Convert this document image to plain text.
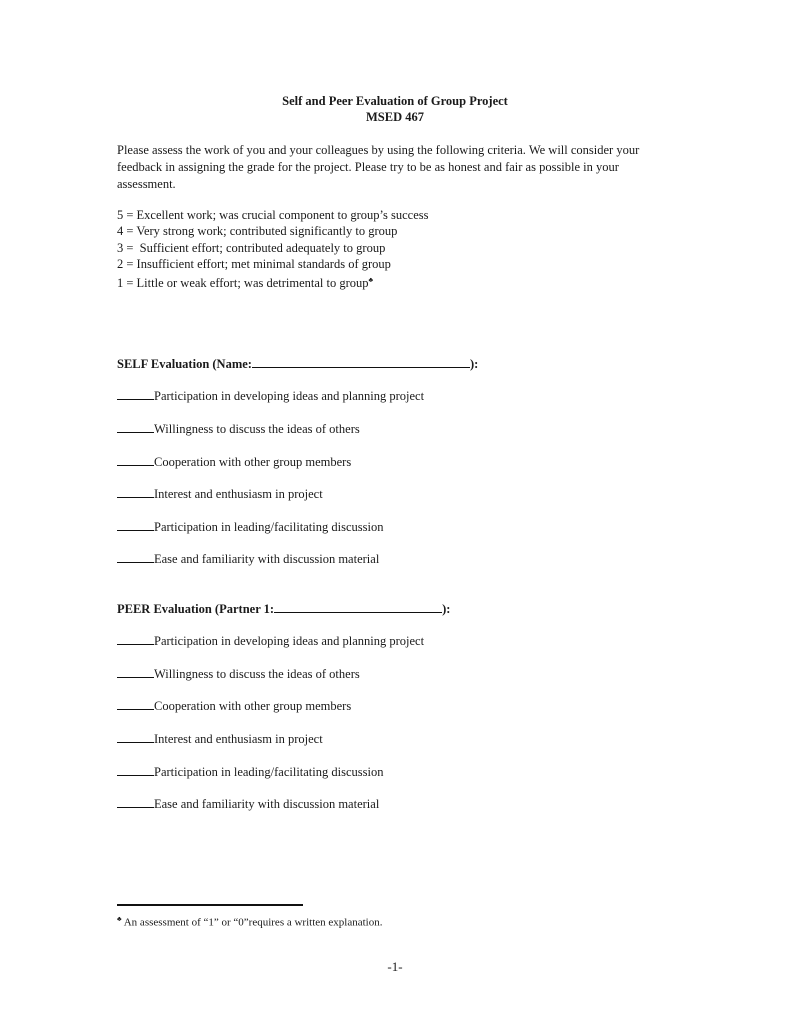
Self and Peer Evaluation of Group Project
MSED 467
Please assess the work of you and your colleagues by using the following criteria. We will consider your feedback in assigning the grade for the project. Please try to be as honest and fair as possible in your assessment.
5 = Excellent work; was crucial component to group’s success
4 = Very strong work; contributed significantly to group
3 =  Sufficient effort; contributed adequately to group
2 = Insufficient effort; met minimal standards of group
1 = Little or weak effort; was detrimental to group♣
SELF Evaluation (Name:	):
Participation in developing ideas and planning project
Willingness to discuss the ideas of others
Cooperation with other group members
Interest and enthusiasm in project
Participation in leading/facilitating discussion
Ease and familiarity with discussion material
PEER Evaluation (Partner 1:	):
Participation in developing ideas and planning project
Willingness to discuss the ideas of others
Cooperation with other group members
Interest and enthusiasm in project
Participation in leading/facilitating discussion
Ease and familiarity with discussion material
♣ An assessment of “1” or “0”requires a written explanation.
-1-
